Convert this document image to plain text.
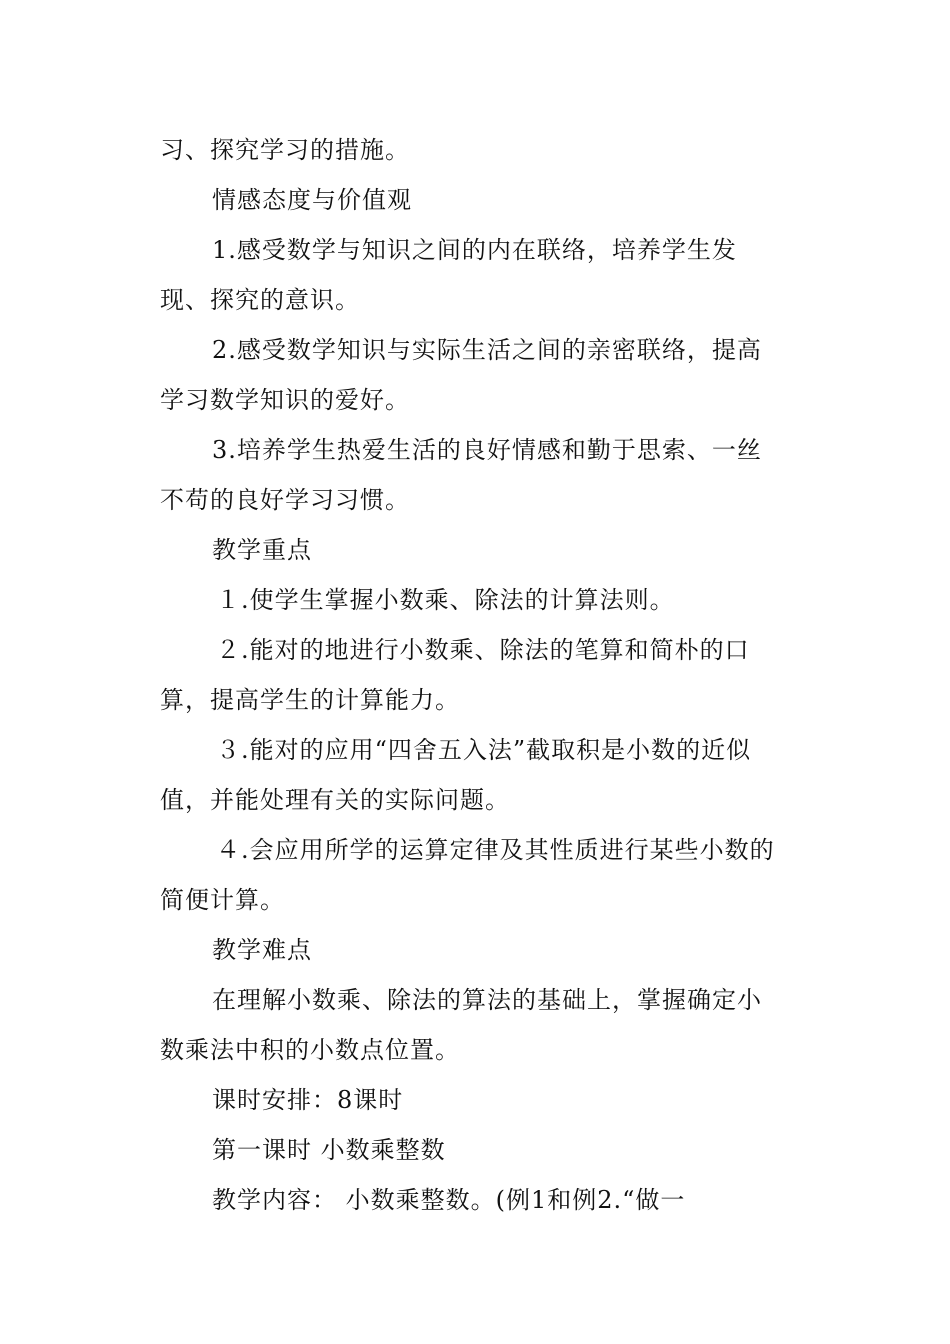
习、探究学习的措施。
情感态度与价值观
1.感受数学与知识之间的内在联络，培养学生发
现、探究的意识。
2.感受数学知识与实际生活之间的亲密联络，提高
学习数学知识的爱好。
3.培养学生热爱生活的良好情感和勤于思索、一丝
不苟的良好学习习惯。
教学重点
１.使学生掌握小数乘、除法的计算法则。
２.能对的地进行小数乘、除法的笔算和简朴的口
算，提高学生的计算能力。
３.能对的应用“四舍五入法”截取积是小数的近似
值，并能处理有关的实际问题。
４.会应用所学的运算定律及其性质进行某些小数的
简便计算。
教学难点
在理解小数乘、除法的算法的基础上，掌握确定小
数乘法中积的小数点位置。
课时安排：8课时
第一课时 小数乘整数
教学内容： 小数乘整数。(例1和例2.“做一
